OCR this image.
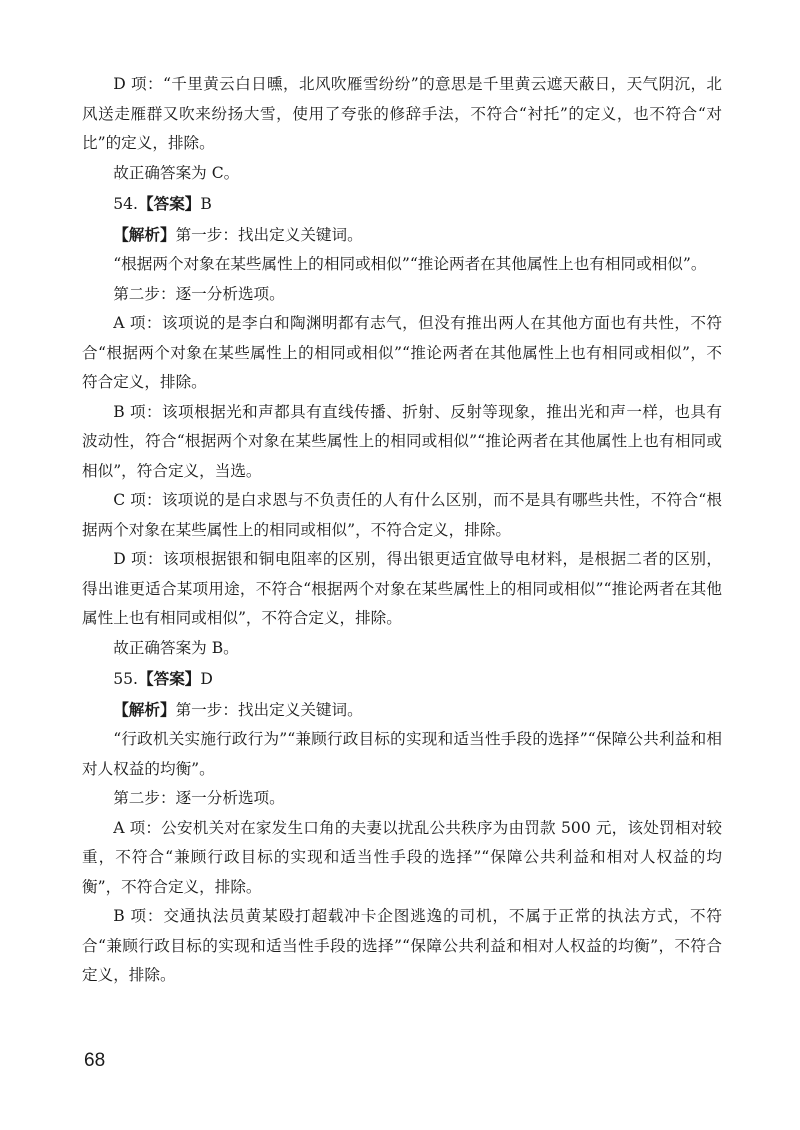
D 项：“千里黄云白日曛，北风吹雁雪纷纷”的意思是千里黄云遮天蔽日，天气阴沉，北风送走雁群又吹来纷扬大雪，使用了夸张的修辞手法，不符合“衬托”的定义，也不符合“对比”的定义，排除。

故正确答案为 C。

54.【答案】B

【解析】第一步：找出定义关键词。

“根据两个对象在某些属性上的相同或相似”“推论两者在其他属性上也有相同或相似”。

第二步：逐一分析选项。

A 项：该项说的是李白和陶渊明都有志气，但没有推出两人在其他方面也有共性，不符合“根据两个对象在某些属性上的相同或相似”“推论两者在其他属性上也有相同或相似”，不符合定义，排除。

B 项：该项根据光和声都具有直线传播、折射、反射等现象，推出光和声一样，也具有波动性，符合“根据两个对象在某些属性上的相同或相似”“推论两者在其他属性上也有相同或相似”，符合定义，当选。

C 项：该项说的是白求恩与不负责任的人有什么区别，而不是具有哪些共性，不符合“根据两个对象在某些属性上的相同或相似”，不符合定义，排除。

D 项：该项根据银和铜电阻率的区别，得出银更适宜做导电材料，是根据二者的区别，得出谁更适合某项用途，不符合“根据两个对象在某些属性上的相同或相似”“推论两者在其他属性上也有相同或相似”，不符合定义，排除。

故正确答案为 B。

55.【答案】D

【解析】第一步：找出定义关键词。

“行政机关实施行政行为”“兼顾行政目标的实现和适当性手段的选择”“保障公共利益和相对人权益的均衡”。

第二步：逐一分析选项。

A 项：公安机关对在家发生口角的夫妻以扰乱公共秩序为由罚款 500 元，该处罚相对较重，不符合“兼顾行政目标的实现和适当性手段的选择”“保障公共利益和相对人权益的均衡”，不符合定义，排除。

B 项：交通执法员黄某殴打超载冲卡企图逃逸的司机，不属于正常的执法方式，不符合“兼顾行政目标的实现和适当性手段的选择”“保障公共利益和相对人权益的均衡”，不符合定义，排除。

68
